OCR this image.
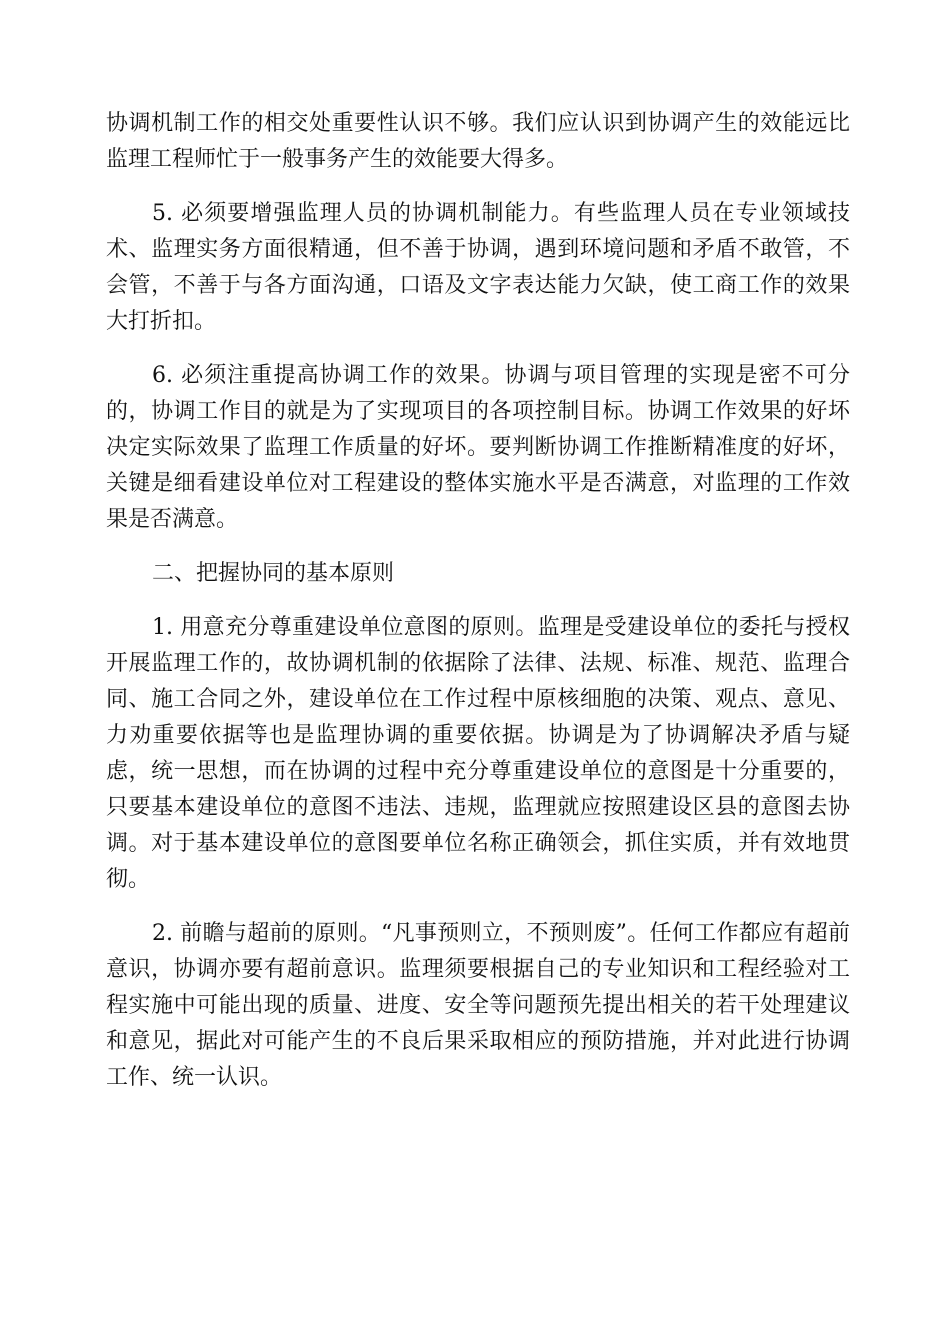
协调机制工作的相交处重要性认识不够。我们应认识到协调产生的效能远比监理工程师忙于一般事务产生的效能要大得多。

5. 必须要增强监理人员的协调机制能力。有些监理人员在专业领域技术、监理实务方面很精通，但不善于协调，遇到环境问题和矛盾不敢管，不会管，不善于与各方面沟通，口语及文字表达能力欠缺，使工商工作的效果大打折扣。

6. 必须注重提高协调工作的效果。协调与项目管理的实现是密不可分的，协调工作目的就是为了实现项目的各项控制目标。协调工作效果的好坏决定实际效果了监理工作质量的好坏。要判断协调工作推断精准度的好坏，关键是细看建设单位对工程建设的整体实施水平是否满意，对监理的工作效果是否满意。

二、把握协同的基本原则

1. 用意充分尊重建设单位意图的原则。监理是受建设单位的委托与授权开展监理工作的，故协调机制的依据除了法律、法规、标准、规范、监理合同、施工合同之外，建设单位在工作过程中原核细胞的决策、观点、意见、力劝重要依据等也是监理协调的重要依据。协调是为了协调解决矛盾与疑虑，统一思想，而在协调的过程中充分尊重建设单位的意图是十分重要的，只要基本建设单位的意图不违法、违规，监理就应按照建设区县的意图去协调。对于基本建设单位的意图要单位名称正确领会，抓住实质，并有效地贯彻。

2. 前瞻与超前的原则。“凡事预则立，不预则废”。任何工作都应有超前意识，协调亦要有超前意识。监理须要根据自己的专业知识和工程经验对工程实施中可能出现的质量、进度、安全等问题预先提出相关的若干处理建议和意见，据此对可能产生的不良后果采取相应的预防措施，并对此进行协调工作、统一认识。
